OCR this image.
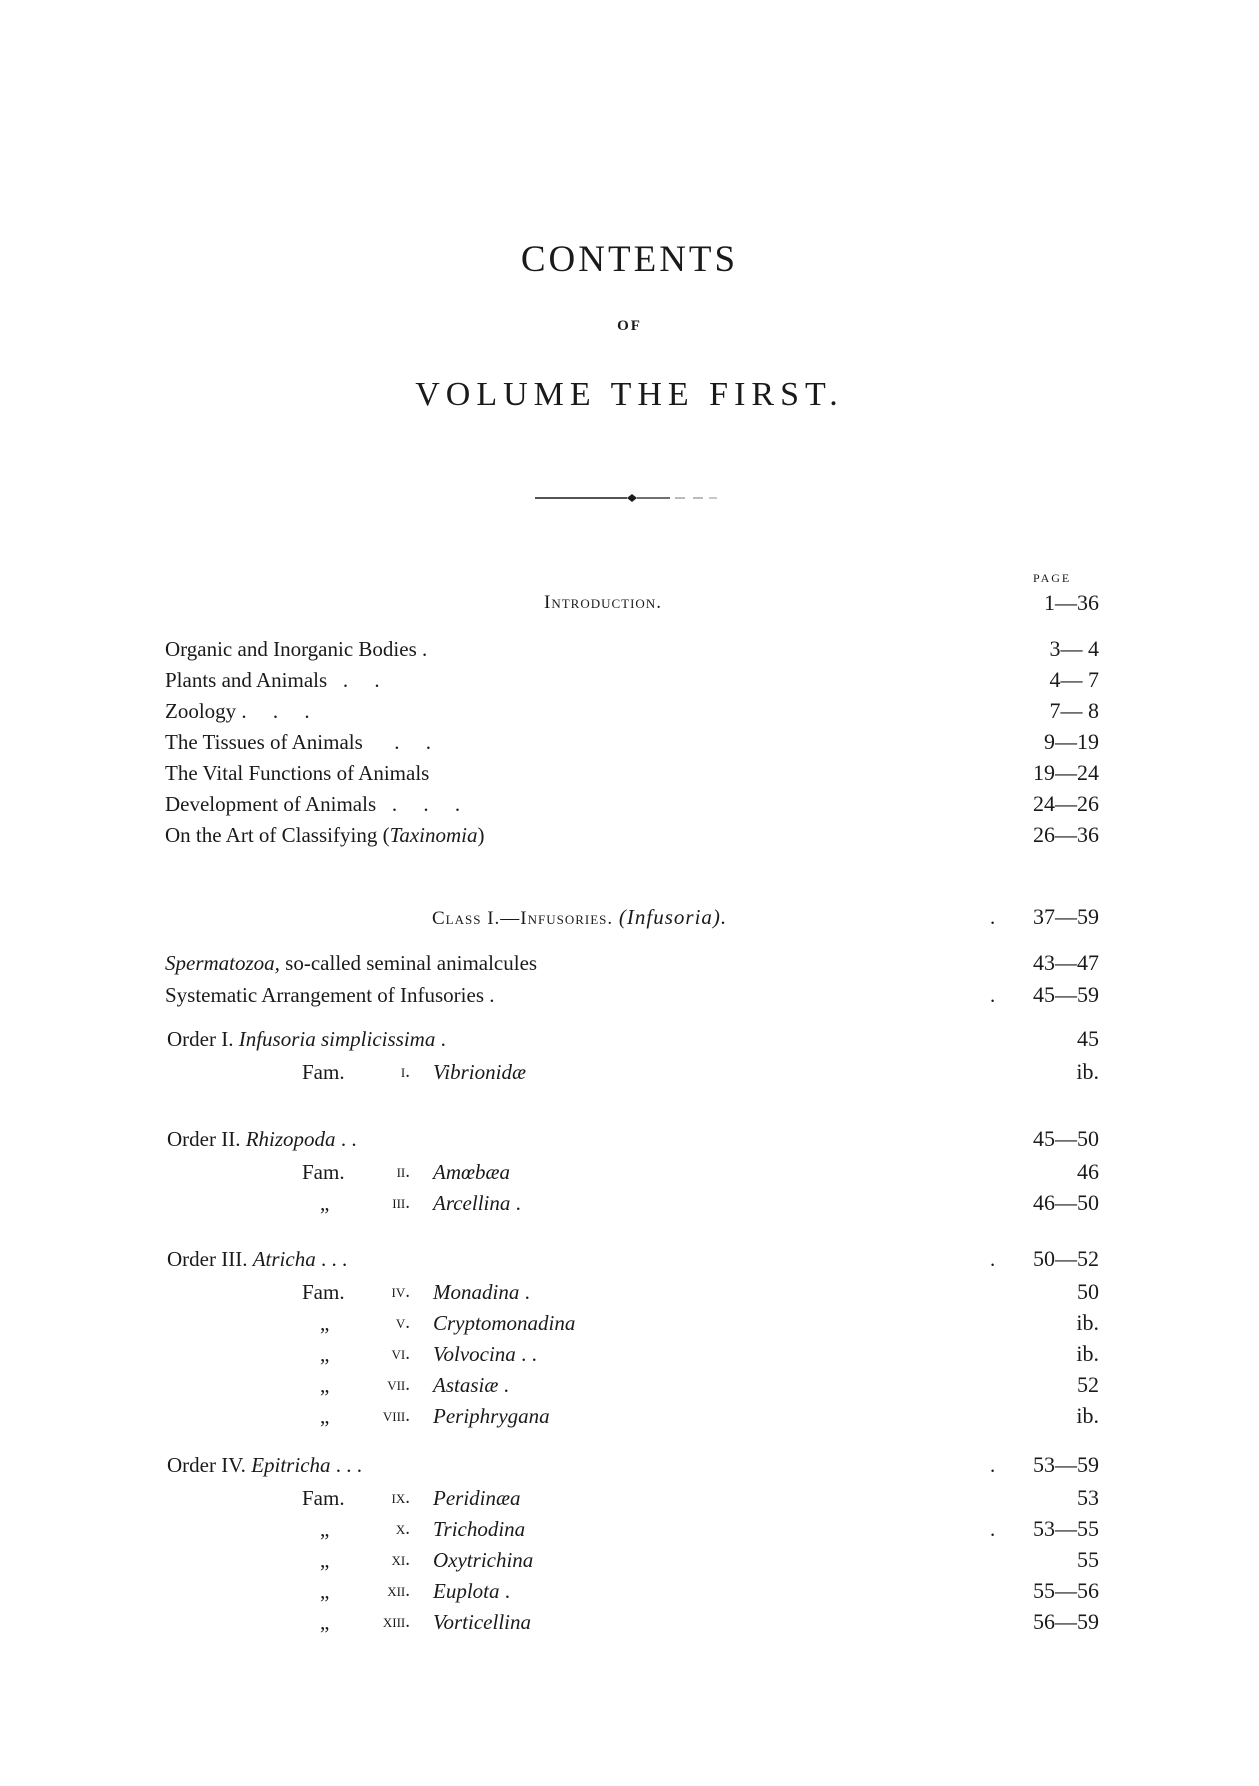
CONTENTS
OF
VOLUME THE FIRST.
PAGE
Introduction.	1—36
Organic and Inorganic Bodies .	3— 4
Plants and Animals   .     .	4— 7
Zoology .     .     .	7— 8
The Tissues of Animals      .     .	9—19
The Vital Functions of Animals	19—24
Development of Animals   .     .     .	24—26
On the Art of Classifying (Taxinomia)	26—36
Class I.—Infusories. (Infusoria).	37—59
.
Spermatozoa, so-called seminal animalcules	43—47
Systematic Arrangement of Infusories .	45—59
.
Order I. Infusoria simplicissima .	45
Fam.	i. Vibrionidæ	ib.
Order II. Rhizopoda . .	45—50
Fam.	ii. Amœbæa	46
„	iii. Arcellina .	46—50
Order III. Atricha . . .	50—52
.
Fam.	iv. Monadina .	50
„	v. Cryptomonadina	ib.
„	vi. Volvocina . .	ib.
„	vii. Astasiæ .	52
„	viii. Periphrygana	ib.
Order IV. Epitricha . . .	53—59
.
Fam.	ix. Peridinæa	53
„	x. Trichodina	53—55
.
„	xi. Oxytrichina	55
„	xii. Euplota .	55—56
„	xiii. Vorticellina	56—59
